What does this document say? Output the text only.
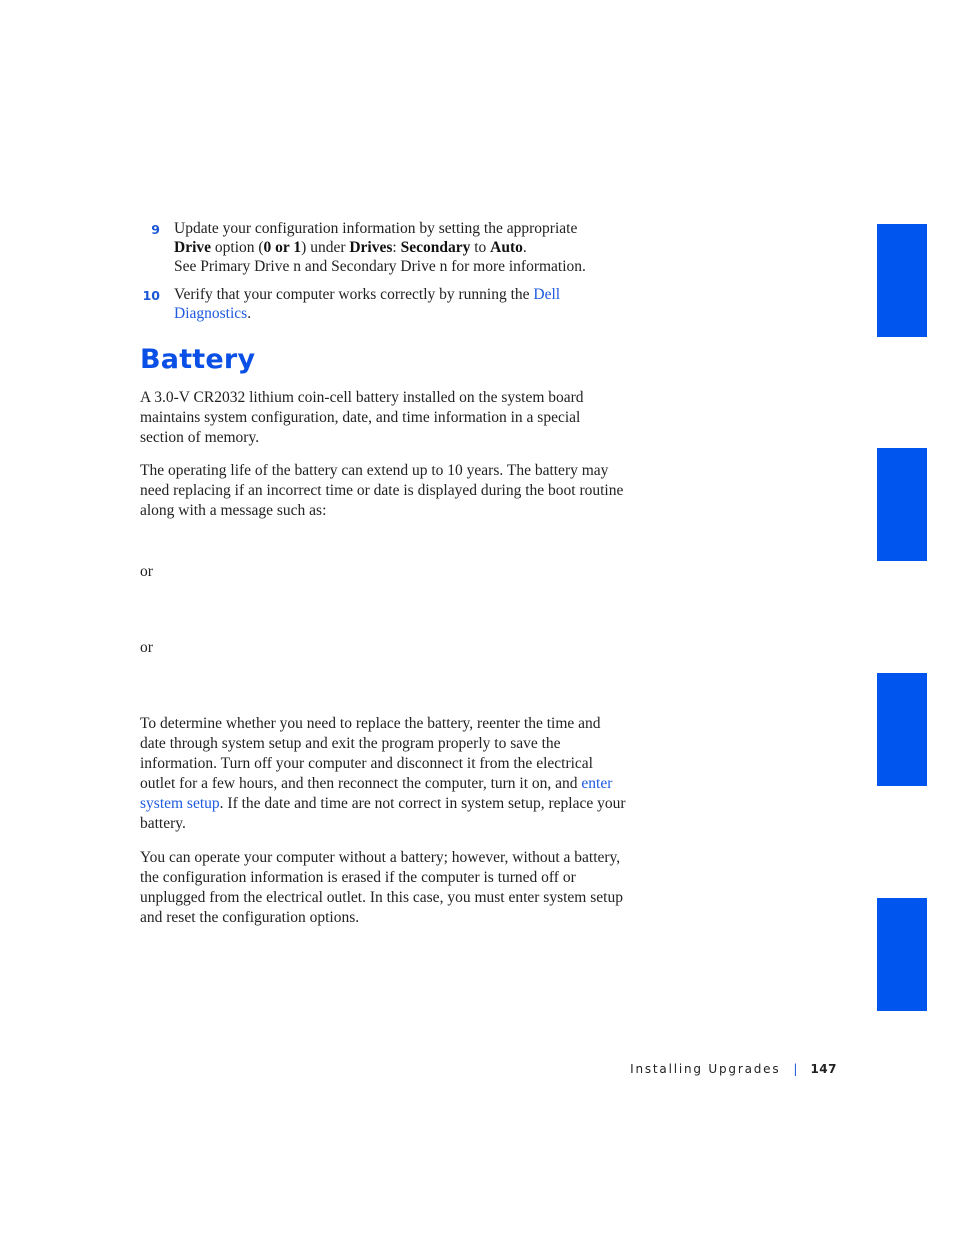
9 Update your configuration information by setting the appropriate
Drive option (0 or 1) under Drives: Secondary to Auto.
See Primary Drive n and Secondary Drive n for more information.
10 Verify that your computer works correctly by running the Dell Diagnostics.
Battery

A 3.0-V CR2032 lithium coin-cell battery installed on the system board maintains system configuration, date, and time information in a special section of memory.

The operating life of the battery can extend up to 10 years. The battery may need replacing if an incorrect time or date is displayed during the boot routine along with a message such as:

or

or

To determine whether you need to replace the battery, reenter the time and date through system setup and exit the program properly to save the information. Turn off your computer and disconnect it from the electrical outlet for a few hours, and then reconnect the computer, turn it on, and enter system setup. If the date and time are not correct in system setup, replace your battery.

You can operate your computer without a battery; however, without a battery, the configuration information is erased if the computer is turned off or unplugged from the electrical outlet. In this case, you must enter system setup and reset the configuration options.

Installing Upgrades | 147
